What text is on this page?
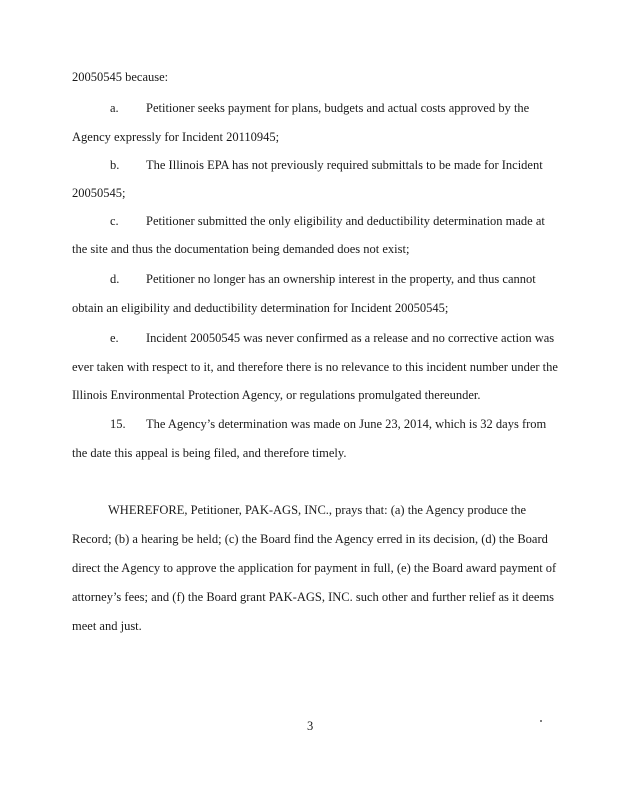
20050545 because:
a. Petitioner seeks payment for plans, budgets and actual costs approved by the
Agency expressly for Incident 20110945;
b. The Illinois EPA has not previously required submittals to be made for Incident
20050545;
c. Petitioner submitted the only eligibility and deductibility determination made at
the site and thus the documentation being demanded does not exist;
d. Petitioner no longer has an ownership interest in the property, and thus cannot
obtain an eligibility and deductibility determination for Incident 20050545;
e. Incident 20050545 was never confirmed as a release and no corrective action was
ever taken with respect to it, and therefore there is no relevance to this incident number under the
Illinois Environmental Protection Agency, or regulations promulgated thereunder.
15. The Agency’s determination was made on June 23, 2014, which is 32 days from
the date this appeal is being filed, and therefore timely.
WHEREFORE, Petitioner, PAK-AGS, INC., prays that: (a) the Agency produce the
Record; (b) a hearing be held; (c) the Board find the Agency erred in its decision, (d) the Board
direct the Agency to approve the application for payment in full, (e) the Board award payment of
attorney’s fees; and (f) the Board grant PAK-AGS, INC. such other and further relief as it deems
meet and just.
3
